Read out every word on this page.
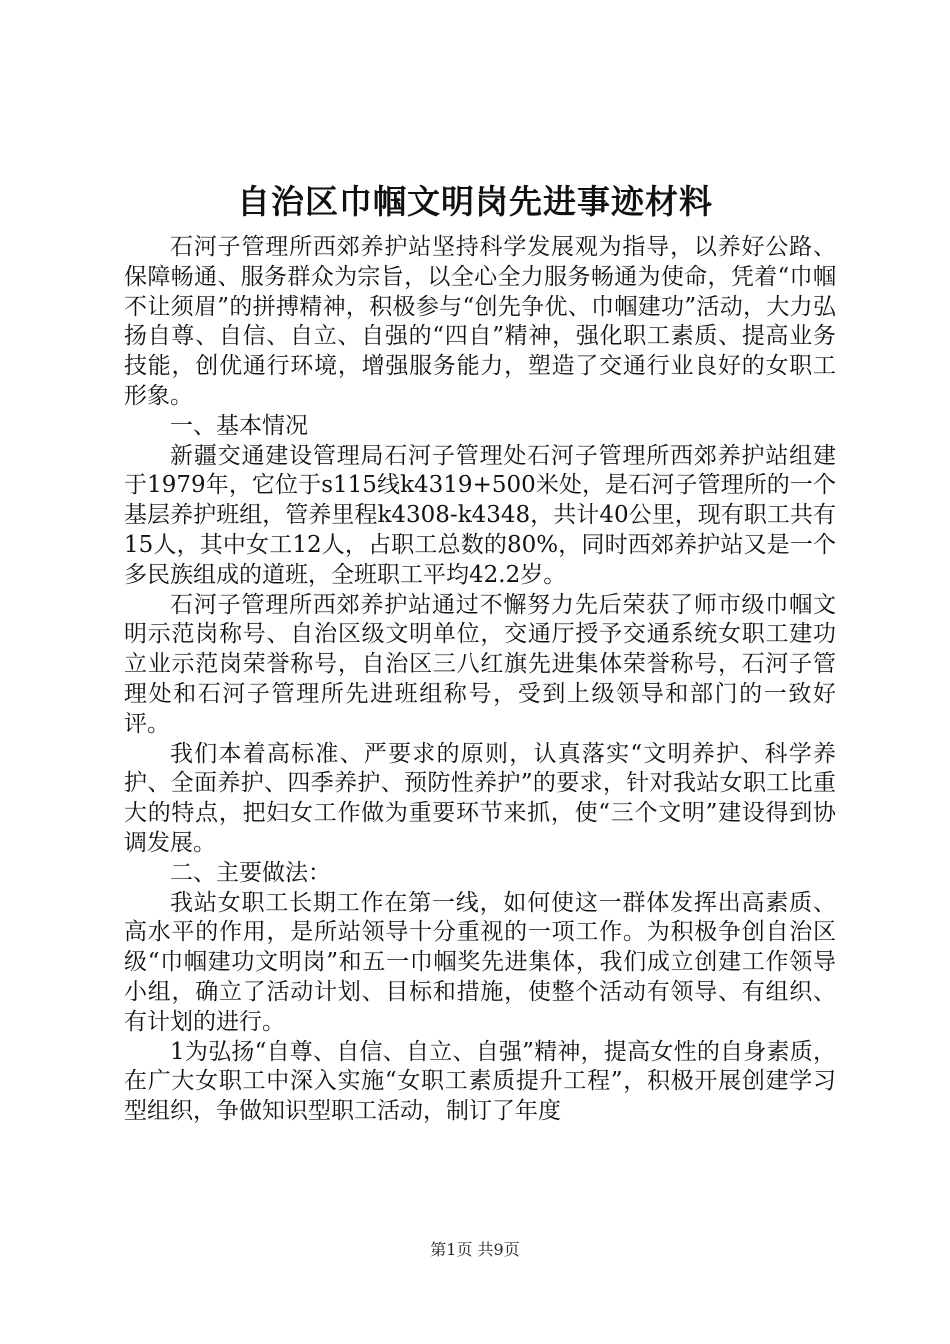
自治区巾帼文明岗先进事迹材料

石河子管理所西郊养护站坚持科学发展观为指导，以养好公路、保障畅通、服务群众为宗旨，以全心全力服务畅通为使命，凭着“巾帼不让须眉”的拼搏精神，积极参与“创先争优、巾帼建功”活动，大力弘扬自尊、自信、自立、自强的“四自”精神，强化职工素质、提高业务技能，创优通行环境，增强服务能力，塑造了交通行业良好的女职工形象。

一、基本情况

新疆交通建设管理局石河子管理处石河子管理所西郊养护站组建于1979年，它位于s115线k4319+500米处，是石河子管理所的一个基层养护班组，管养里程k4308-k4348，共计40公里，现有职工共有15人，其中女工12人，占职工总数的80%，同时西郊养护站又是一个多民族组成的道班，全班职工平均42.2岁。

石河子管理所西郊养护站通过不懈努力先后荣获了师市级巾帼文明示范岗称号、自治区级文明单位，交通厅授予交通系统女职工建功立业示范岗荣誉称号，自治区三八红旗先进集体荣誉称号，石河子管理处和石河子管理所先进班组称号，受到上级领导和部门的一致好评。

我们本着高标准、严要求的原则，认真落实“文明养护、科学养护、全面养护、四季养护、预防性养护”的要求，针对我站女职工比重大的特点，把妇女工作做为重要环节来抓，使“三个文明”建设得到协调发展。

二、主要做法：

我站女职工长期工作在第一线，如何使这一群体发挥出高素质、高水平的作用，是所站领导十分重视的一项工作。为积极争创自治区级“巾帼建功文明岗”和五一巾帼奖先进集体，我们成立创建工作领导小组，确立了活动计划、目标和措施，使整个活动有领导、有组织、有计划的进行。

1为弘扬“自尊、自信、自立、自强”精神，提高女性的自身素质，在广大女职工中深入实施“女职工素质提升工程”，积极开展创建学习型组织，争做知识型职工活动，制订了年度

第1页 共9页
